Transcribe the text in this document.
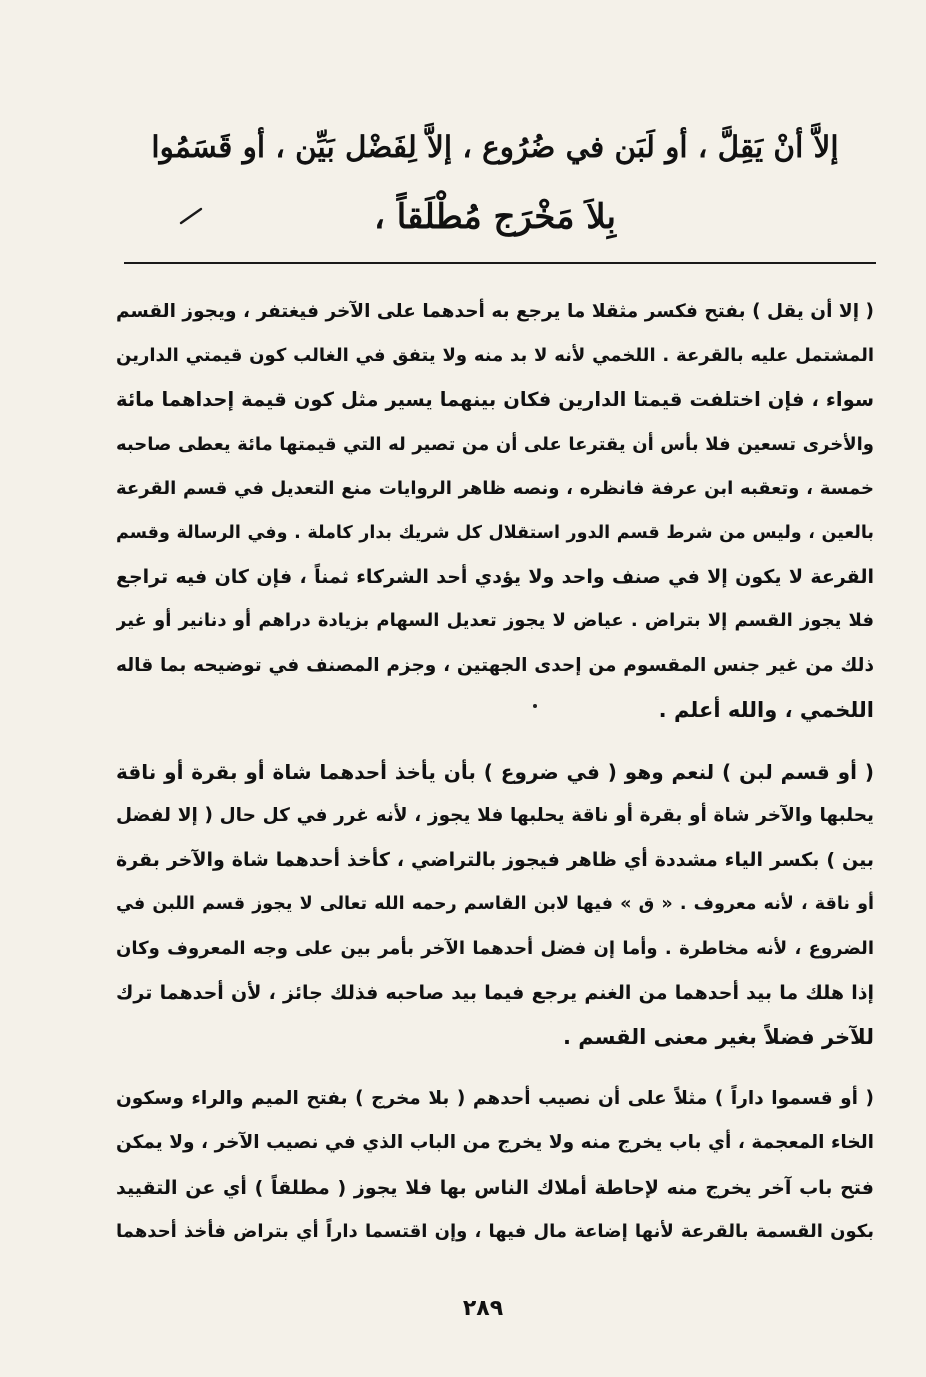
إلاَّ أنْ يَقِلَّ ، أو لَبَن في ضُرُوع ، إلاَّ لِفَضْل بَيِّن ، أو قَسَمُوا
بِلاَ مَخْرَج مُطْلَقاً ،
( إلا أن يقل ) بفتح فكسر مثقلا ما يرجع به أحدهما على الآخر فيغتفر ، ويجوز القسم
المشتمل عليه بالقرعة . اللخمي لأنه لا بد منه ولا يتفق في الغالب كون قيمتي الدارين
سواء ، فإن اختلفت قيمتا الدارين فكان بينهما يسير مثل كون قيمة إحداهما مائة
والأخرى تسعين فلا بأس أن يقترعا على أن من تصير له التي قيمتها مائة يعطى صاحبه
خمسة ، وتعقبه ابن عرفة فانظره ، ونصه ظاهر الروايات منع التعديل في قسم القرعة
بالعين ، وليس من شرط قسم الدور استقلال كل شريك بدار كاملة . وفي الرسالة وقسم
القرعة لا يكون إلا في صنف واحد ولا يؤدي أحد الشركاء ثمناً ، فإن كان فيه تراجع
فلا يجوز القسم إلا بتراض . عياض لا يجوز تعديل السهام بزيادة دراهم أو دنانير أو غير
ذلك من غير جنس المقسوم من إحدى الجهتين ، وجزم المصنف في توضيحه بما قاله
اللخمي ، والله أعلم .
( أو قسم لبن ) لنعم وهو ( في ضروع ) بأن يأخذ أحدهما شاة أو بقرة أو ناقة
يحلبها والآخر شاة أو بقرة أو ناقة يحلبها فلا يجوز ، لأنه غرر في كل حال ( إلا لفضل
بين ) بكسر الياء مشددة أي ظاهر فيجوز بالتراضي ، كأخذ أحدهما شاة والآخر بقرة
أو ناقة ، لأنه معروف . « ق » فيها لابن القاسم رحمه الله تعالى لا يجوز قسم اللبن في
الضروع ، لأنه مخاطرة . وأما إن فضل أحدهما الآخر بأمر بين على وجه المعروف وكان
إذا هلك ما بيد أحدهما من الغنم يرجع فيما بيد صاحبه فذلك جائز ، لأن أحدهما ترك
للآخر فضلاً بغير معنى القسم .
( أو قسموا داراً ) مثلاً على أن نصيب أحدهم ( بلا مخرج ) بفتح الميم والراء وسكون
الخاء المعجمة ، أي باب يخرج منه ولا يخرج من الباب الذي في نصيب الآخر ، ولا يمكن
فتح باب آخر يخرج منه لإحاطة أملاك الناس بها فلا يجوز ( مطلقاً ) أي عن التقييد
بكون القسمة بالقرعة لأنها إضاعة مال فيها ، وإن اقتسما داراً أي بتراض فأخذ أحدهما
٢٨٩
